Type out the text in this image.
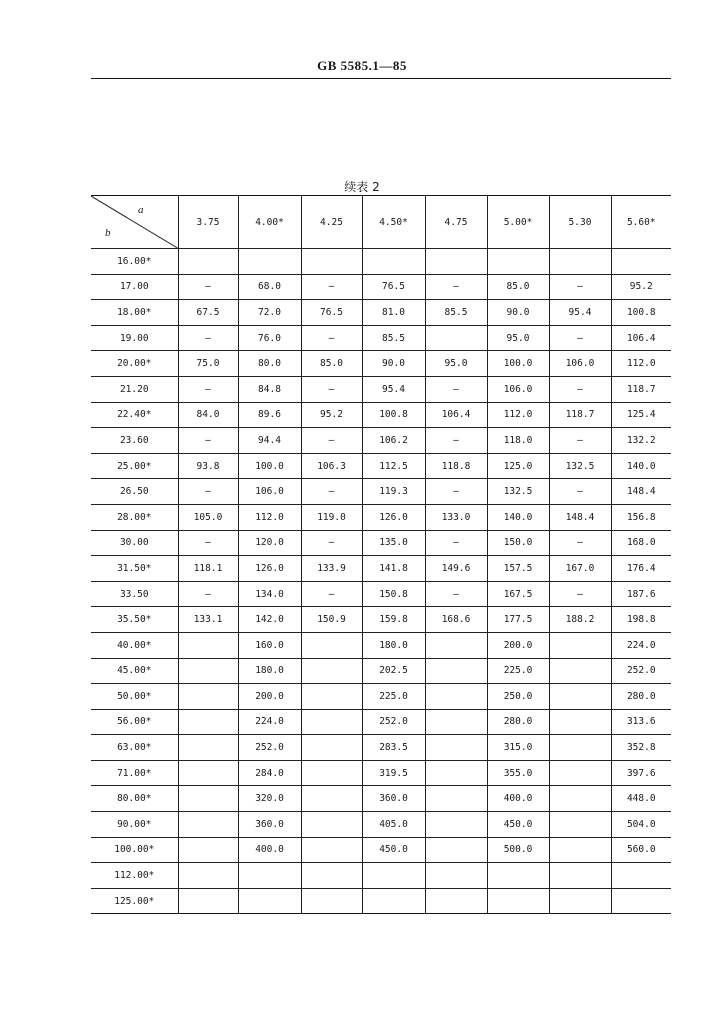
GB 5585.1—85
续表 2
a
b	3.75	4.00*	4.25	4.50*	4.75	5.00*	5.30	5.60*
16.00*								
17.00	—	68.0	—	76.5	—	85.0	—	95.2
18.00*	67.5	72.0	76.5	81.0	85.5	90.0	95.4	100.8
19.00	—	76.0	—	85.5		95.0	—	106.4
20.00*	75.0	80.0	85.0	90.0	95.0	100.0	106.0	112.0
21.20	—	84.8	—	95.4	—	106.0	—	118.7
22.40*	84.0	89.6	95.2	100.8	106.4	112.0	118.7	125.4
23.60	—	94.4	—	106.2	—	118.0	—	132.2
25.00*	93.8	100.0	106.3	112.5	118.8	125.0	132.5	140.0
26.50	—	106.0	—	119.3	—	132.5	—	148.4
28.00*	105.0	112.0	119.0	126.0	133.0	140.0	148.4	156.8
30.00	—	120.0	—	135.0	—	150.0	—	168.0
31.50*	118.1	126.0	133.9	141.8	149.6	157.5	167.0	176.4
33.50	—	134.0	—	150.8	—	167.5	—	187.6
35.50*	133.1	142.0	150.9	159.8	168.6	177.5	188.2	198.8
40.00*		160.0		180.0		200.0		224.0
45.00*		180.0		202.5		225.0		252.0
50.00*		200.0		225.0		250.0		280.0
56.00*		224.0		252.0		280.0		313.6
63.00*		252.0		283.5		315.0		352.8
71.00*		284.0		319.5		355.0		397.6
80.00*		320.0		360.0		400.0		448.0
90.00*		360.0		405.0		450.0		504.0
100.00*		400.0		450.0		500.0		560.0
112.00*								
125.00*								
